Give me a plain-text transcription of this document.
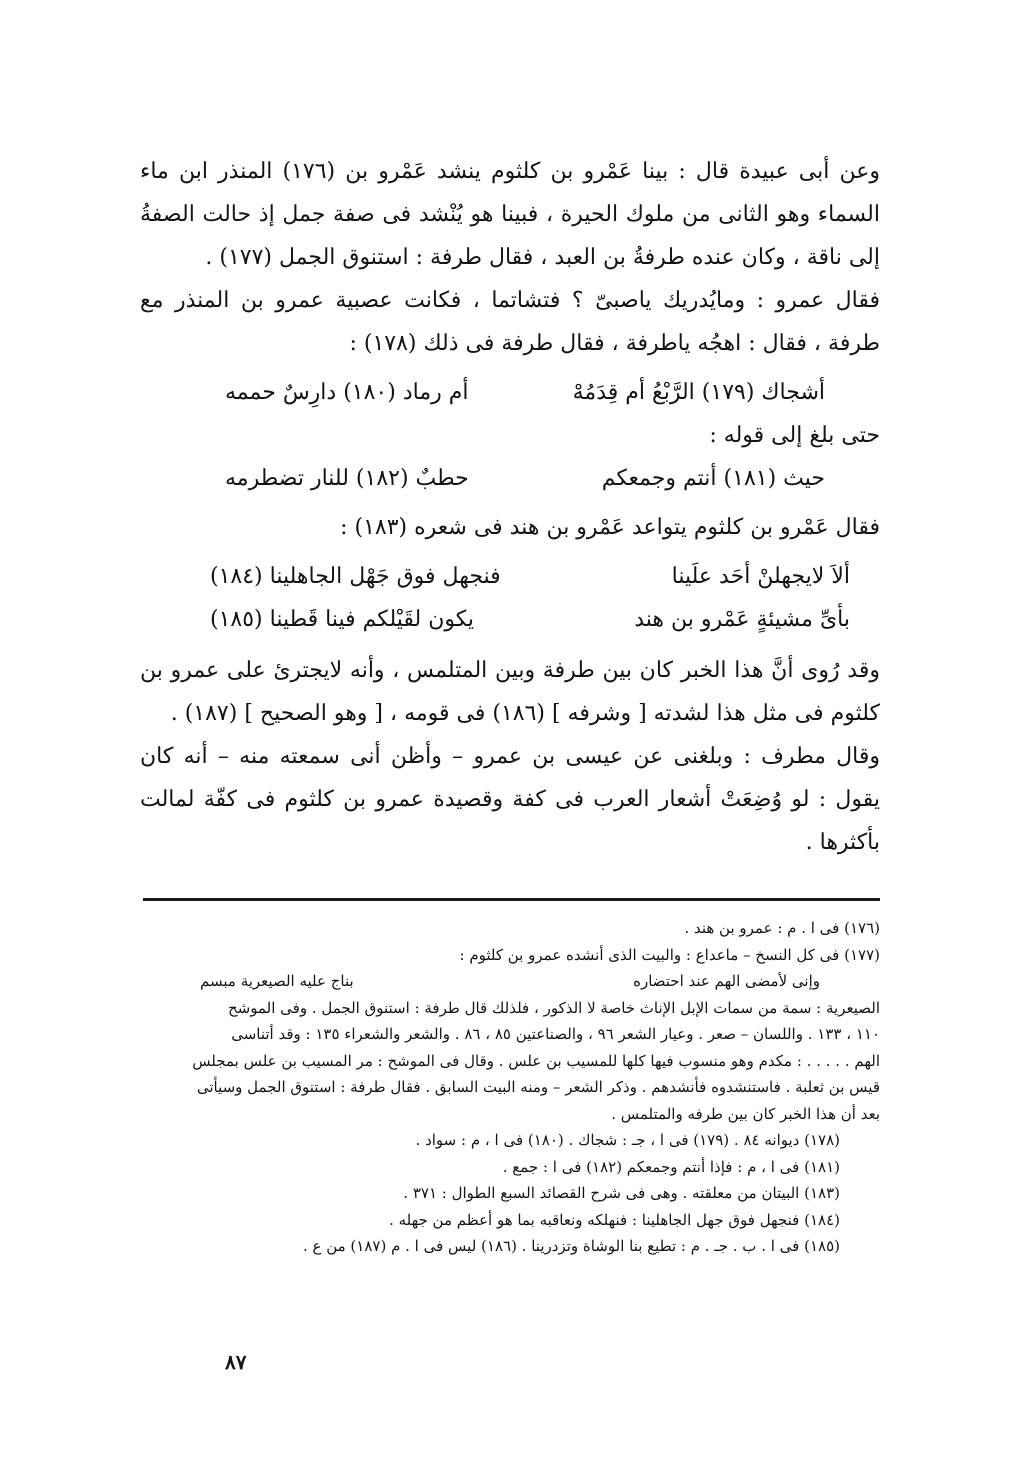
وعن أبى عبيدة قال : بينا عَمْرو بن كلثوم ينشد عَمْرو بن (١٧٦) المنذر ابن ماء السماء وهو الثانى من ملوك الحيرة ، فبينا هو يُنْشد فى صفة جمل إذ حالت الصفةُ إلى ناقة ، وكان عنده طرفةُ بن العبد ، فقال طرفة : استنوق الجمل (١٧٧) .

فقال عمرو : ومايُدريك ياصبىّ ؟ فتشاتما ، فكانت عصبية عمرو بن المنذر مع طرفة ، فقال : اهجُه ياطرفة ، فقال طرفة فى ذلك (١٧٨) :

أشجاك (١٧٩) الرَّبْعُ أم قِدَمُهْ
أم رماد (١٨٠) دارِسٌ حممه

حتى بلغ إلى قوله :

حيث (١٨١) أنتم وجمعكم
حطبٌ (١٨٢) للنار تضطرمه

فقال عَمْرو بن كلثوم يتواعد عَمْرو بن هند فى شعره (١٨٣) :

ألاَ لايجهلنْ أحَد علَينا
فنجهل فوق جَهْل الجاهلينا (١٨٤)
بأىِّ مشيئةٍ عَمْرو بن هند
يكون لقَيْلكم فينا قَطينا (١٨٥)

وقد رُوى أنَّ هذا الخبر كان بين طرفة وبين المتلمس ، وأنه لايجترئ على عمرو بن كلثوم فى مثل هذا لشدته [ وشرفه ] (١٨٦) فى قومه ، [ وهو الصحيح ] (١٨٧) .

وقال مطرف : وبلغنى عن عيسى بن عمرو – وأظن أنى سمعته منه – أنه كان يقول : لو وُضِعَتْ أشعار العرب فى كفة وقصيدة عمرو بن كلثوم فى كفّة لمالت بأكثرها .

(١٧٦) فى ا . م : عمرو بن هند .

(١٧٧) فى كل النسخ – ماعداع : والبيت الذى أنشده عمرو بن كلثوم :

وإنى لأمضى الهم عند احتضاره
بناج عليه الصيعرية مبسم

الصيعرية : سمة من سمات الإبل الإناث خاصة لا الذكور ، فلذلك قال طرفة : استنوق الجمل . وفى الموشح

١١٠ ، ١٣٣ . واللسان – صعر . وعيار الشعر ٩٦ ، والصناعتين ٨٥ ، ٨٦ . والشعر والشعراء ١٣٥ : وقد أتناسى

الهم . . . . . : مكدم وهو منسوب فيها كلها للمسيب بن علس . وقال فى الموشح : مر المسيب بن علس بمجلس

قيس بن ثعلبة . فاستنشدوه فأنشدهم . وذكر الشعر – ومنه البيت السابق . فقال طرفة : استنوق الجمل وسيأتى

بعد أن هذا الخبر كان بين طرفه والمتلمس .

(١٧٨) ديوانه ٨٤ . (١٧٩) فى ا ، جـ : شجاك . (١٨٠) فى ا ، م : سواد .

(١٨١) فى ا ، م : فإذا أنتم وجمعكم (١٨٢) فى ا : جمع .

(١٨٣) البيتان من معلقته . وهى فى شرح القصائد السبع الطوال : ٣٧١ .

(١٨٤) فنجهل فوق جهل الجاهلينا : فنهلكه ونعاقبه بما هو أعظم من جهله .

(١٨٥) فى ا . ب . جـ . م : تطيع بنا الوشاة وتزدرينا . (١٨٦) ليس فى ا . م (١٨٧) من ع .

٨٧
